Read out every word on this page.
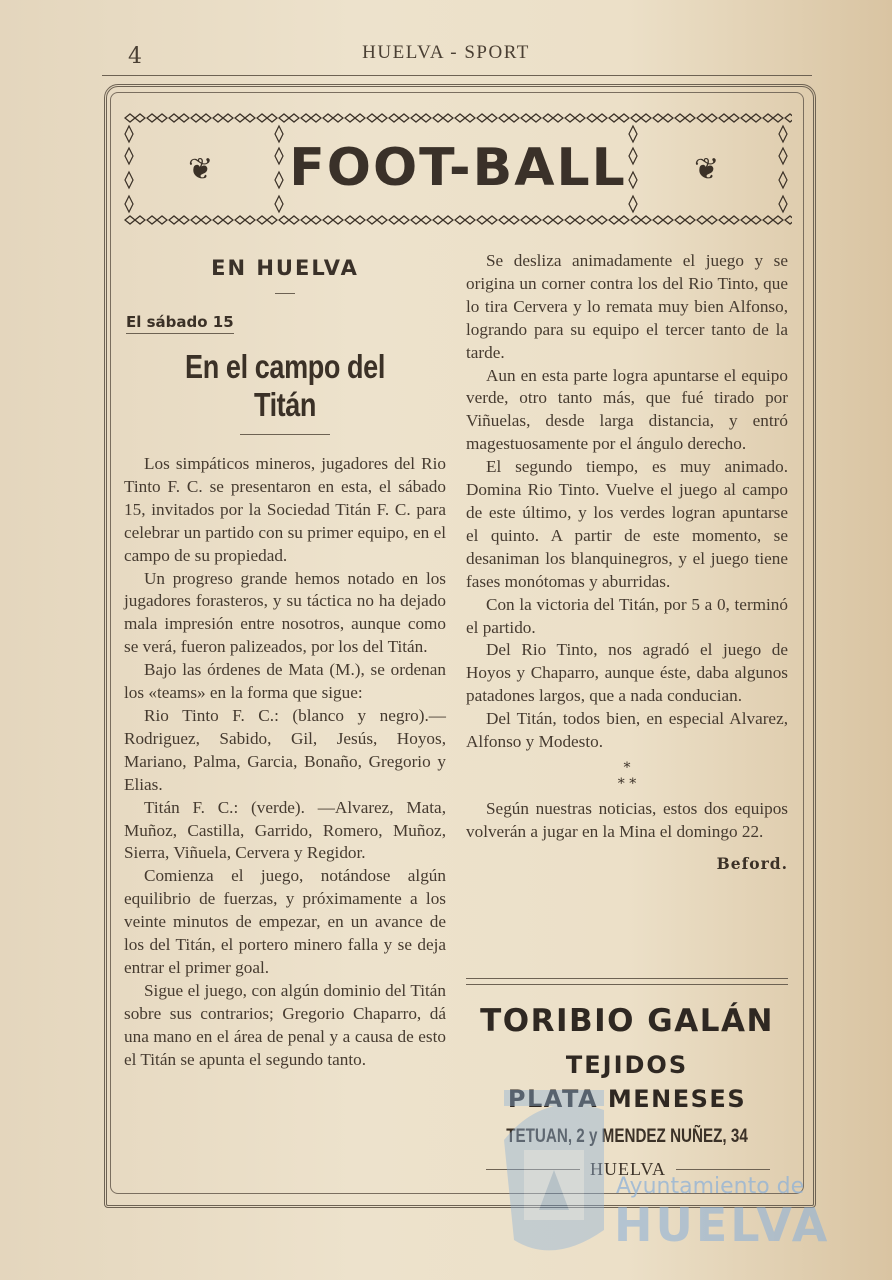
4	HUELVA - SPORT
❦	❦
FOOT-BALL
EN HUELVA
El sábado 15
En el campo del Titán

Los simpáticos mineros, jugadores del Rio Tinto F. C. se presentaron en esta, el sábado 15, invitados por la Sociedad Titán F. C. para celebrar un partido con su primer equipo, en el campo de su propiedad.

Un progreso grande hemos notado en los jugadores forasteros, y su táctica no ha dejado mala impresión entre nosotros, aunque como se verá, fueron palizeados, por los del Titán.

Bajo las órdenes de Mata (M.), se ordenan los «teams» en la forma que sigue:

Rio Tinto F. C.: (blanco y negro).— Rodriguez, Sabido, Gil, Jesús, Hoyos, Mariano, Palma, Garcia, Bonaño, Gregorio y Elias.

Titán F. C.: (verde). —Alvarez, Mata, Muñoz, Castilla, Garrido, Romero, Muñoz, Sierra, Viñuela, Cervera y Regidor.

Comienza el juego, notándose algún equilibrio de fuerzas, y próximamente a los veinte minutos de empezar, en un avance de los del Titán, el portero minero falla y se deja entrar el primer goal.

Sigue el juego, con algún dominio del Titán sobre sus contrarios; Gregorio Chaparro, dá una mano en el área de penal y a causa de esto el Titán se apunta el segundo tanto.

Se desliza animadamente el juego y se origina un corner contra los del Rio Tinto, que lo tira Cervera y lo remata muy bien Alfonso, logrando para su equipo el tercer tanto de la tarde.

Aun en esta parte logra apuntarse el equipo verde, otro tanto más, que fué tirado por Viñuelas, desde larga distancia, y entró magestuosamente por el ángulo derecho.

El segundo tiempo, es muy animado. Domina Rio Tinto. Vuelve el juego al campo de este último, y los verdes logran apuntarse el quinto. A partir de este momento, se desaniman los blanquinegros, y el juego tiene fases monótomas y aburridas.

Con la victoria del Titán, por 5 a 0, terminó el partido.

Del Rio Tinto, nos agradó el juego de Hoyos y Chaparro, aunque éste, daba algunos patadones largos, que a nada conducian.

Del Titán, todos bien, en especial Alvarez, Alfonso y Modesto.

*
* *

Según nuestras noticias, estos dos equipos volverán a jugar en la Mina el domingo 22.

Beford.
TORIBIO GALÁN
TEJIDOS
PLATA MENESES
TETUAN, 2 y MENDEZ NUÑEZ, 34
HUELVA
Ayuntamiento de
HUELVA
